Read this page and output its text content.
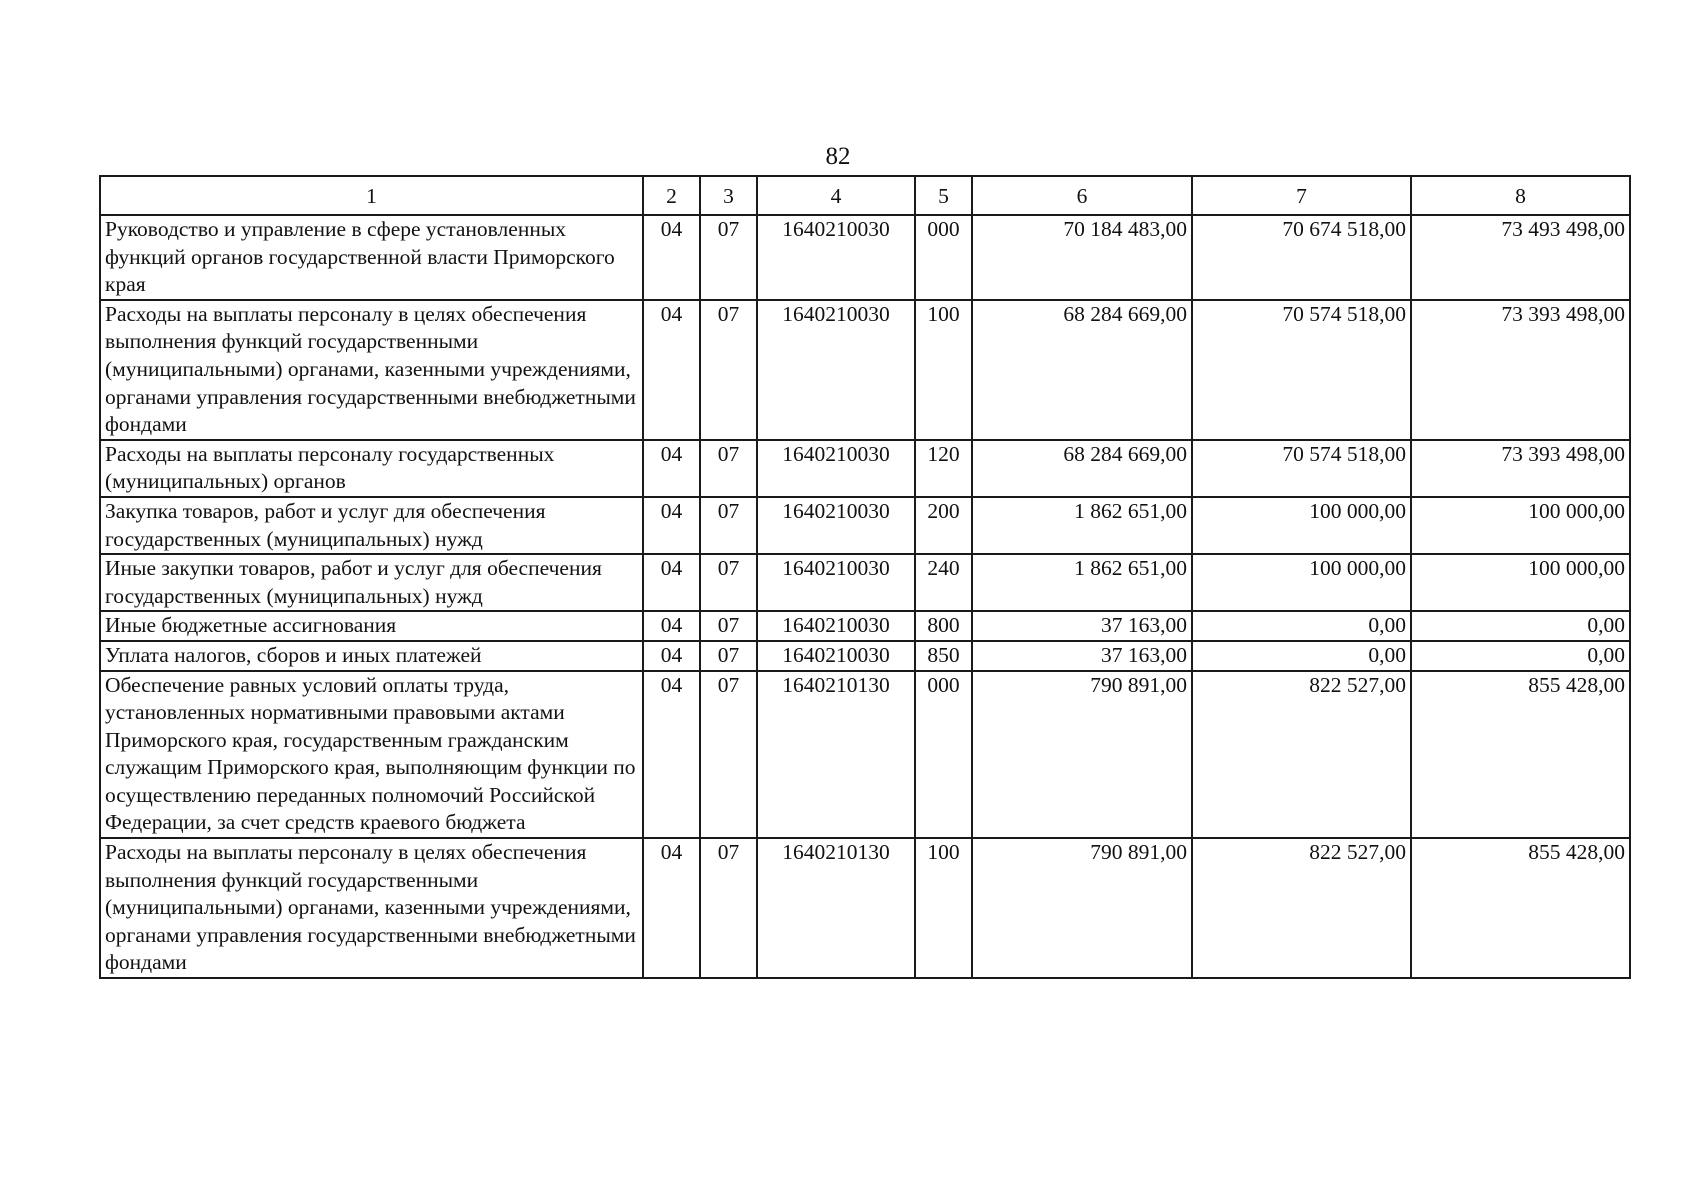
82
1	2	3	4	5	6	7	8
Руководство и управление в сфере установленных функций органов государственной власти Приморского края	04	07	1640210030	000	70 184 483,00	70 674 518,00	73 493 498,00
Расходы на выплаты персоналу в целях обеспечения выполнения функций государственными (муниципальными) органами, казенными учреждениями, органами управления государственными внебюджетными фондами	04	07	1640210030	100	68 284 669,00	70 574 518,00	73 393 498,00
Расходы на выплаты персоналу государственных (муниципальных) органов	04	07	1640210030	120	68 284 669,00	70 574 518,00	73 393 498,00
Закупка товаров, работ и услуг для обеспечения государственных (муниципальных) нужд	04	07	1640210030	200	1 862 651,00	100 000,00	100 000,00
Иные закупки товаров, работ и услуг для обеспечения государственных (муниципальных) нужд	04	07	1640210030	240	1 862 651,00	100 000,00	100 000,00
Иные бюджетные ассигнования	04	07	1640210030	800	37 163,00	0,00	0,00
Уплата налогов, сборов и иных платежей	04	07	1640210030	850	37 163,00	0,00	0,00
Обеспечение равных условий оплаты труда, установленных нормативными правовыми актами Приморского края, государственным гражданским служащим Приморского края, выполняющим функции по осуществлению переданных полномочий Российской Федерации, за счет средств краевого бюджета	04	07	1640210130	000	790 891,00	822 527,00	855 428,00
Расходы на выплаты персоналу в целях обеспечения выполнения функций государственными (муниципальными) органами, казенными учреждениями, органами управления государственными внебюджетными фондами	04	07	1640210130	100	790 891,00	822 527,00	855 428,00
